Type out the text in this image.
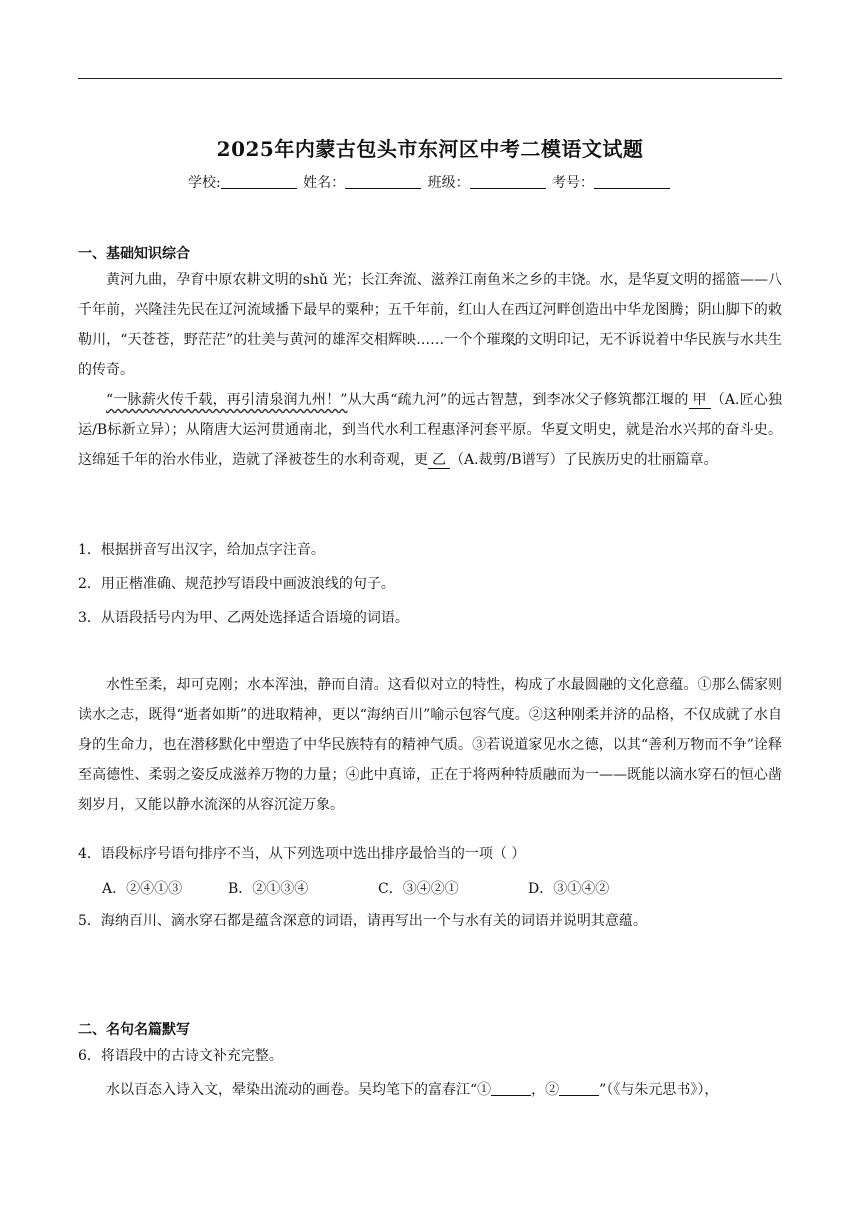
2025年内蒙古包头市东河区中考二模语文试题
学校:	姓名：	班级：	考号：
一、基础知识综合

黄河九曲，孕育中原农耕文明的shǔ 光；长江奔流、滋养江南鱼米之乡的丰饶。水，是华夏文明的摇篮——八千年前，兴隆洼先民在辽河流域播下最早的粟种；五千年前，红山人在西辽河畔创造出中华龙图腾；阴山脚下的敕勒川，“天苍苍，野茫茫”的壮美与黄河的雄浑交相辉映……一个个璀璨的文明印记，无不诉说着中华民族与水共生的传奇。

“一脉薪火传千载，再引清泉润九州！”从大禹“疏九河”的远古智慧，到李冰父子修筑都江堰的 甲 （A.匠心独运/B标新立异）；从隋唐大运河贯通南北，到当代水利工程惠泽河套平原。华夏文明史，就是治水兴邦的奋斗史。这绵延千年的治水伟业，造就了泽被苍生的水利奇观，更 乙 （A.裁剪/B谱写）了民族历史的壮丽篇章。

1．根据拼音写出汉字，给加点字注音。
2．用正楷准确、规范抄写语段中画波浪线的句子。
3．从语段括号内为甲、乙两处选择适合语境的词语。

水性至柔，却可克刚；水本浑浊，静而自清。这看似对立的特性，构成了水最圆融的文化意蕴。①那么儒家则读水之志，既得“逝者如斯”的进取精神，更以“海纳百川”喻示包容气度。②这种刚柔并济的品格，不仅成就了水自身的生命力，也在潜移默化中塑造了中华民族特有的精神气质。③若说道家见水之德，以其“善利万物而不争”诠释至高德性、柔弱之姿反成滋养万物的力量；④此中真谛，正在于将两种特质融而为一——既能以滴水穿石的恒心凿刻岁月，又能以静水流深的从容沉淀万象。

4．语段标序号语句排序不当，从下列选项中选出排序最恰当的一项（ ）
A．②④①③	B．②①③④	C．③④②①	D．③①④②
5．海纳百川、滴水穿石都是蕴含深意的词语，请再写出一个与水有关的词语并说明其意蕴。
二、名句名篇默写
6．将语段中的古诗文补充完整。
水以百态入诗入文，晕染出流动的画卷。吴均笔下的富春江“①	，②	”（《与朱元思书》），
